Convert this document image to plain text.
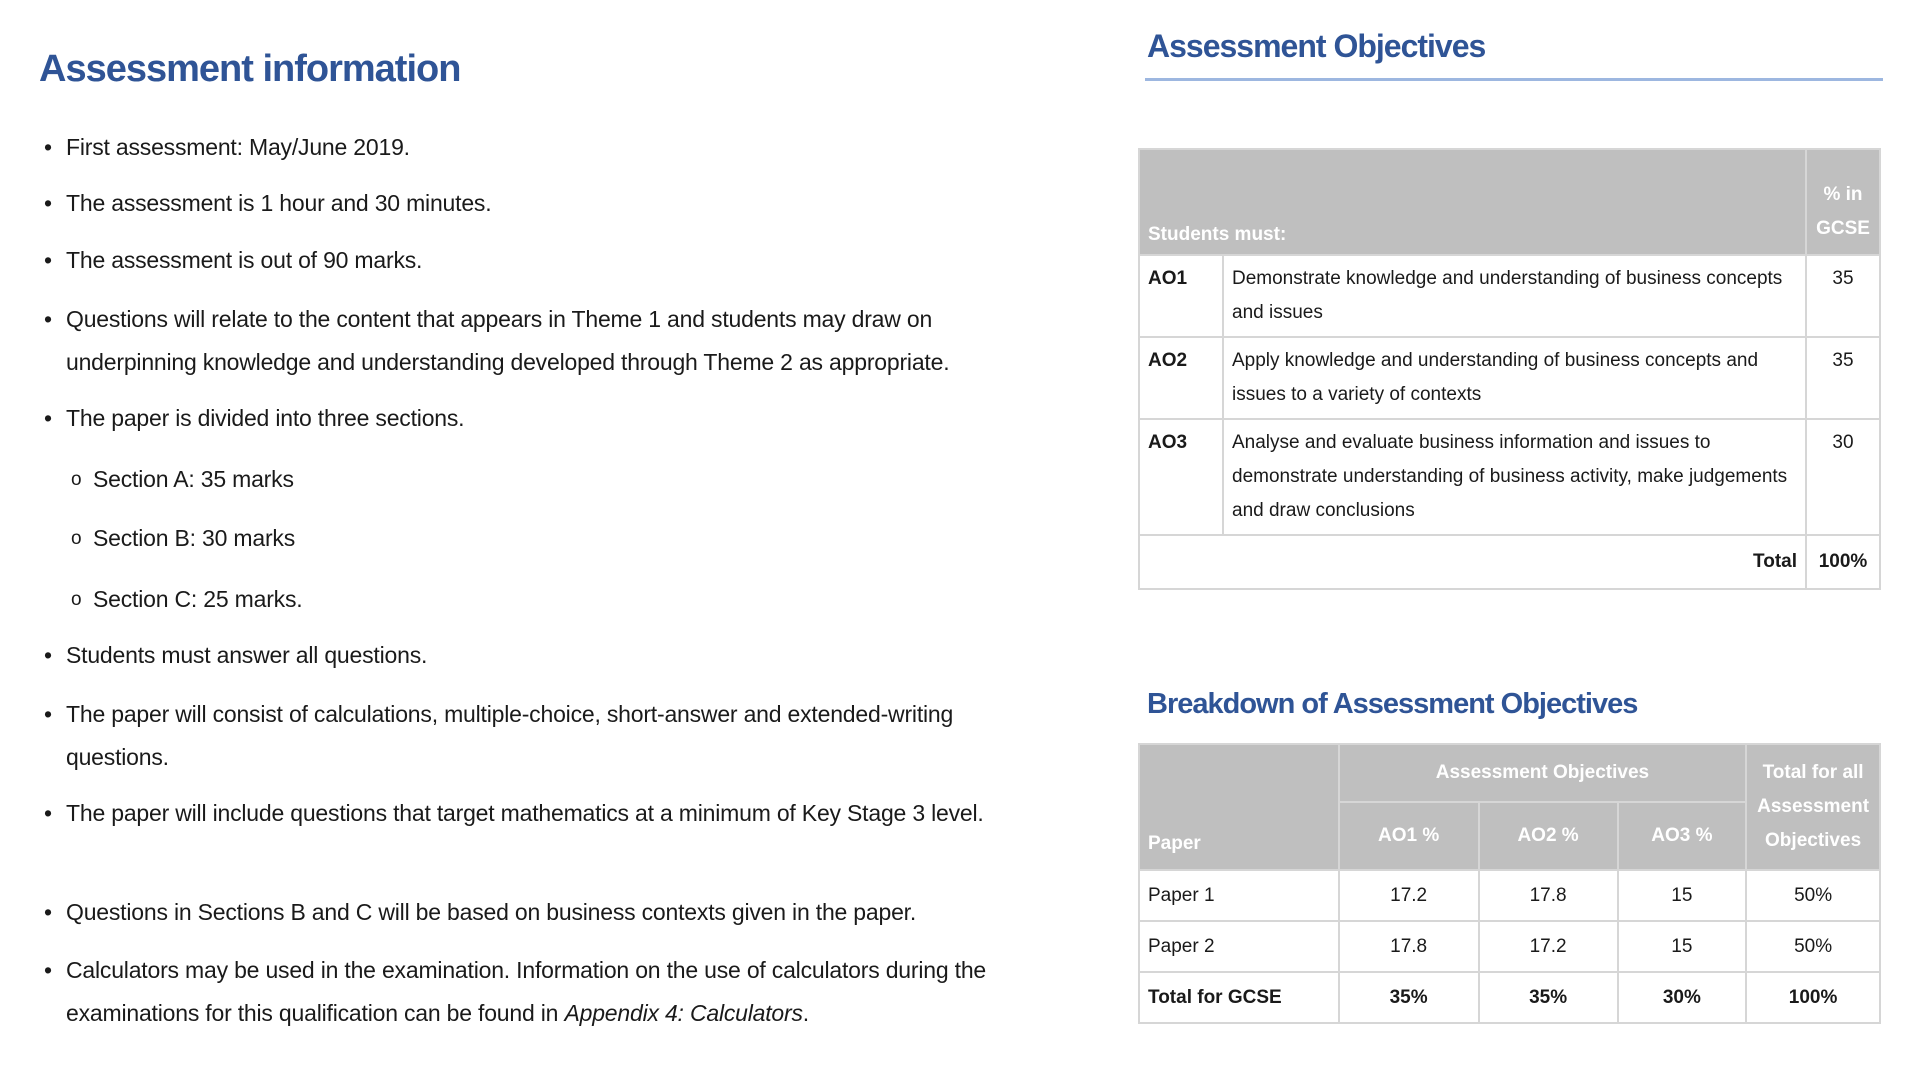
Assessment information
• First assessment: May/June 2019.
• The assessment is 1 hour and 30 minutes.
• The assessment is out of 90 marks.
• Questions will relate to the content that appears in Theme 1 and students may draw on underpinning knowledge and understanding developed through Theme 2 as appropriate.
• The paper is divided into three sections.
o Section A: 35 marks
o Section B: 30 marks
o Section C: 25 marks.
• Students must answer all questions.
• The paper will consist of calculations, multiple-choice, short-answer and extended-writing questions.
• The paper will include questions that target mathematics at a minimum of Key Stage 3 level.
• Questions in Sections B and C will be based on business contexts given in the paper.
• Calculators may be used in the examination. Information on the use of calculators during the examinations for this qualification can be found in Appendix 4: Calculators.
Assessment Objectives
Students must:		% in
GCSE
AO1	Demonstrate knowledge and understanding of business concepts and issues	35
AO2	Apply knowledge and understanding of business concepts and issues to a variety of contexts	35
AO3	Analyse and evaluate business information and issues to demonstrate understanding of business activity, make judgements and draw conclusions	30
Total		100%
Breakdown of Assessment Objectives
Paper	Assessment Objectives			Total for all
Assessment
Objectives
	AO1 %	AO2 %	AO3 %	
Paper 1	17.2	17.8	15	50%
Paper 2	17.8	17.2	15	50%
Total for GCSE	35%	35%	30%	100%
